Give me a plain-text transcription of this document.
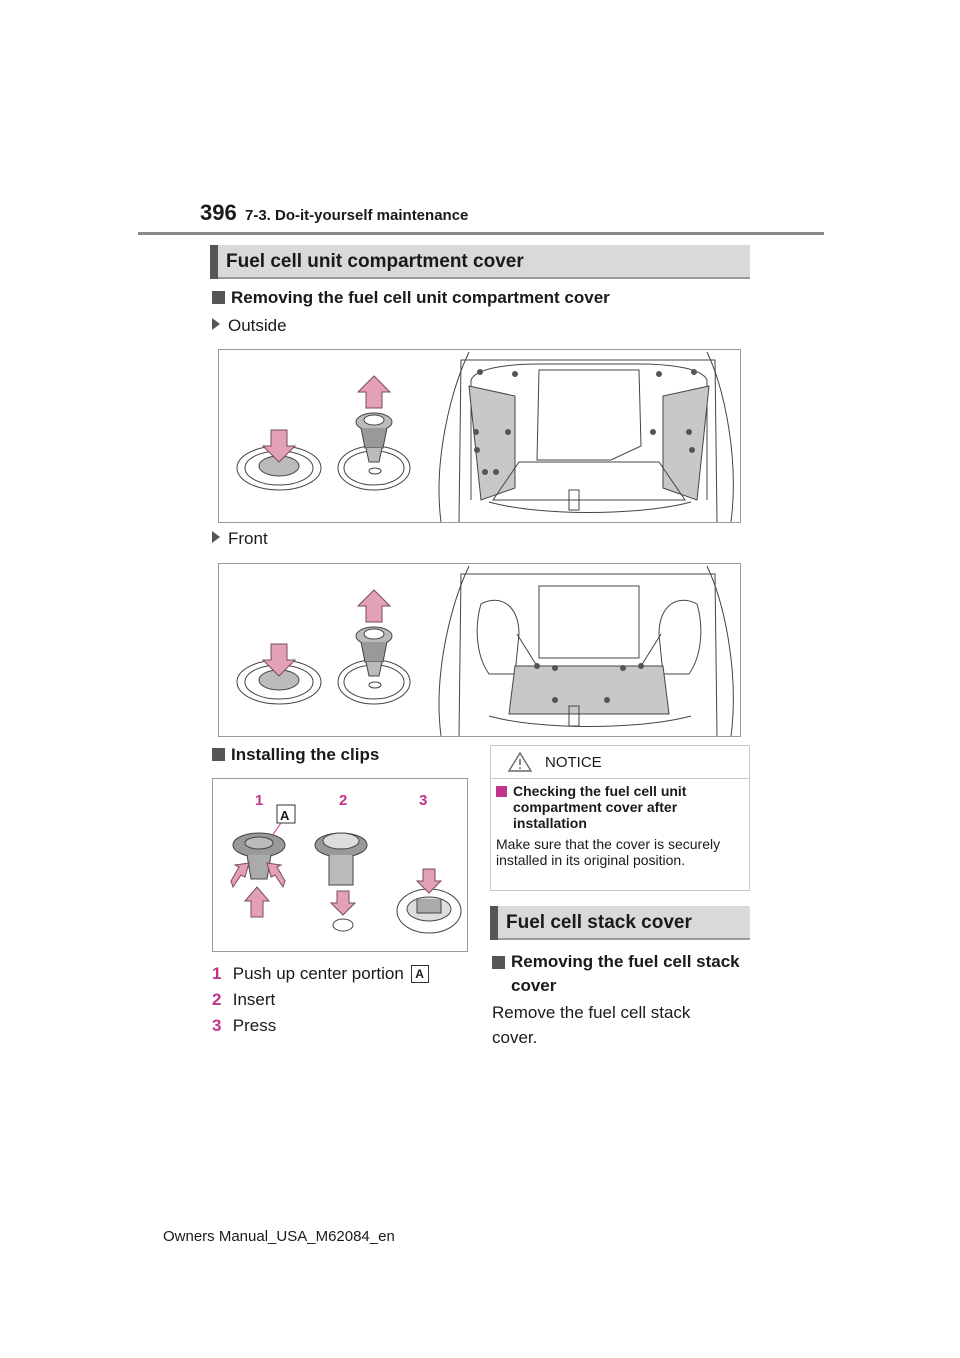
396 7-3. Do-it-yourself maintenance
Fuel cell unit compartment cover
Removing the fuel cell unit compartment cover
Outside
Front
Installing the clips
1	2	3
A
1 Push up center portion A
2 Insert
3 Press
NOTICE
Checking the fuel cell unit compartment cover after installation
Make sure that the cover is securely installed in its original position.
Fuel cell stack cover
Removing the fuel cell stack cover
Remove the fuel cell stack cover.
Owners Manual_USA_M62084_en
